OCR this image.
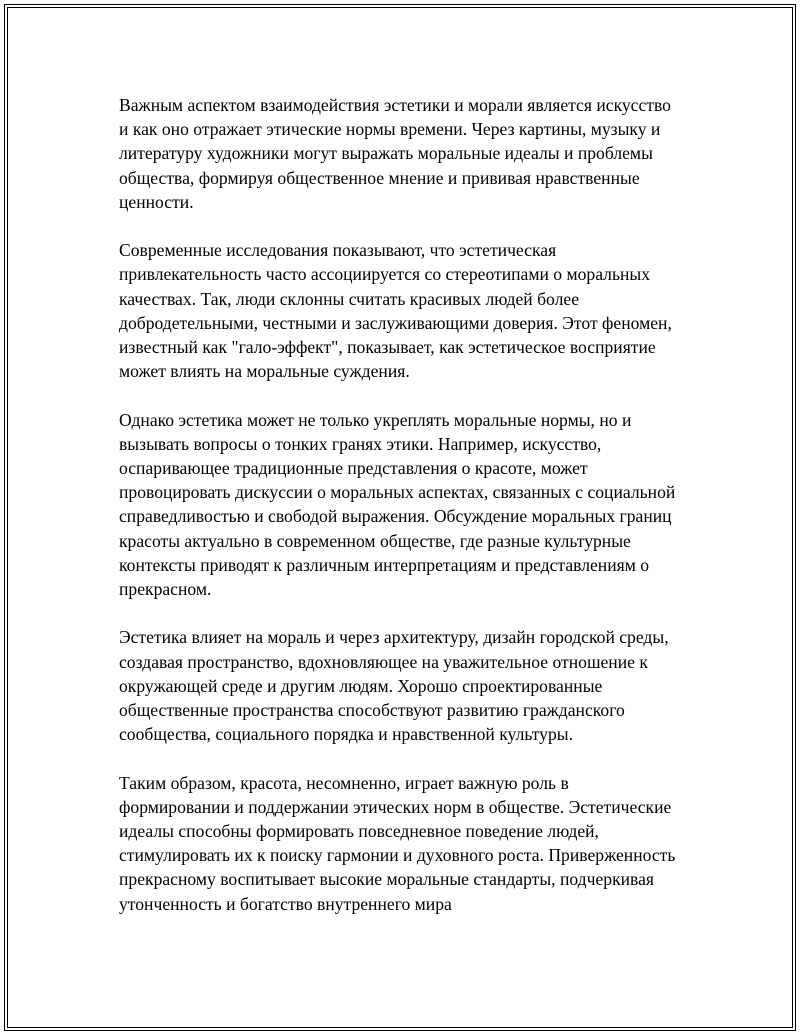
Важным аспектом взаимодействия эстетики и морали является искусство и как оно отражает этические нормы времени. Через картины, музыку и литературу художники могут выражать моральные идеалы и проблемы общества, формируя общественное мнение и прививая нравственные ценности.

Современные исследования показывают, что эстетическая привлекательность часто ассоциируется со стереотипами о моральных качествах. Так, люди склонны считать красивых людей более добродетельными, честными и заслуживающими доверия. Этот феномен, известный как "гало-эффект", показывает, как эстетическое восприятие может влиять на моральные суждения.

Однако эстетика может не только укреплять моральные нормы, но и вызывать вопросы о тонких гранях этики. Например, искусство, оспаривающее традиционные представления о красоте, может провоцировать дискуссии о моральных аспектах, связанных с социальной справедливостью и свободой выражения. Обсуждение моральных границ красоты актуально в современном обществе, где разные культурные контексты приводят к различным интерпретациям и представлениям о прекрасном.

Эстетика влияет на мораль и через архитектуру, дизайн городской среды, создавая пространство, вдохновляющее на уважительное отношение к окружающей среде и другим людям. Хорошо спроектированные общественные пространства способствуют развитию гражданского сообщества, социального порядка и нравственной культуры.

Таким образом, красота, несомненно, играет важную роль в формировании и поддержании этических норм в обществе. Эстетические идеалы способны формировать повседневное поведение людей, стимулировать их к поиску гармонии и духовного роста. Приверженность прекрасному воспитывает высокие моральные стандарты, подчеркивая утонченность и богатство внутреннего мира
